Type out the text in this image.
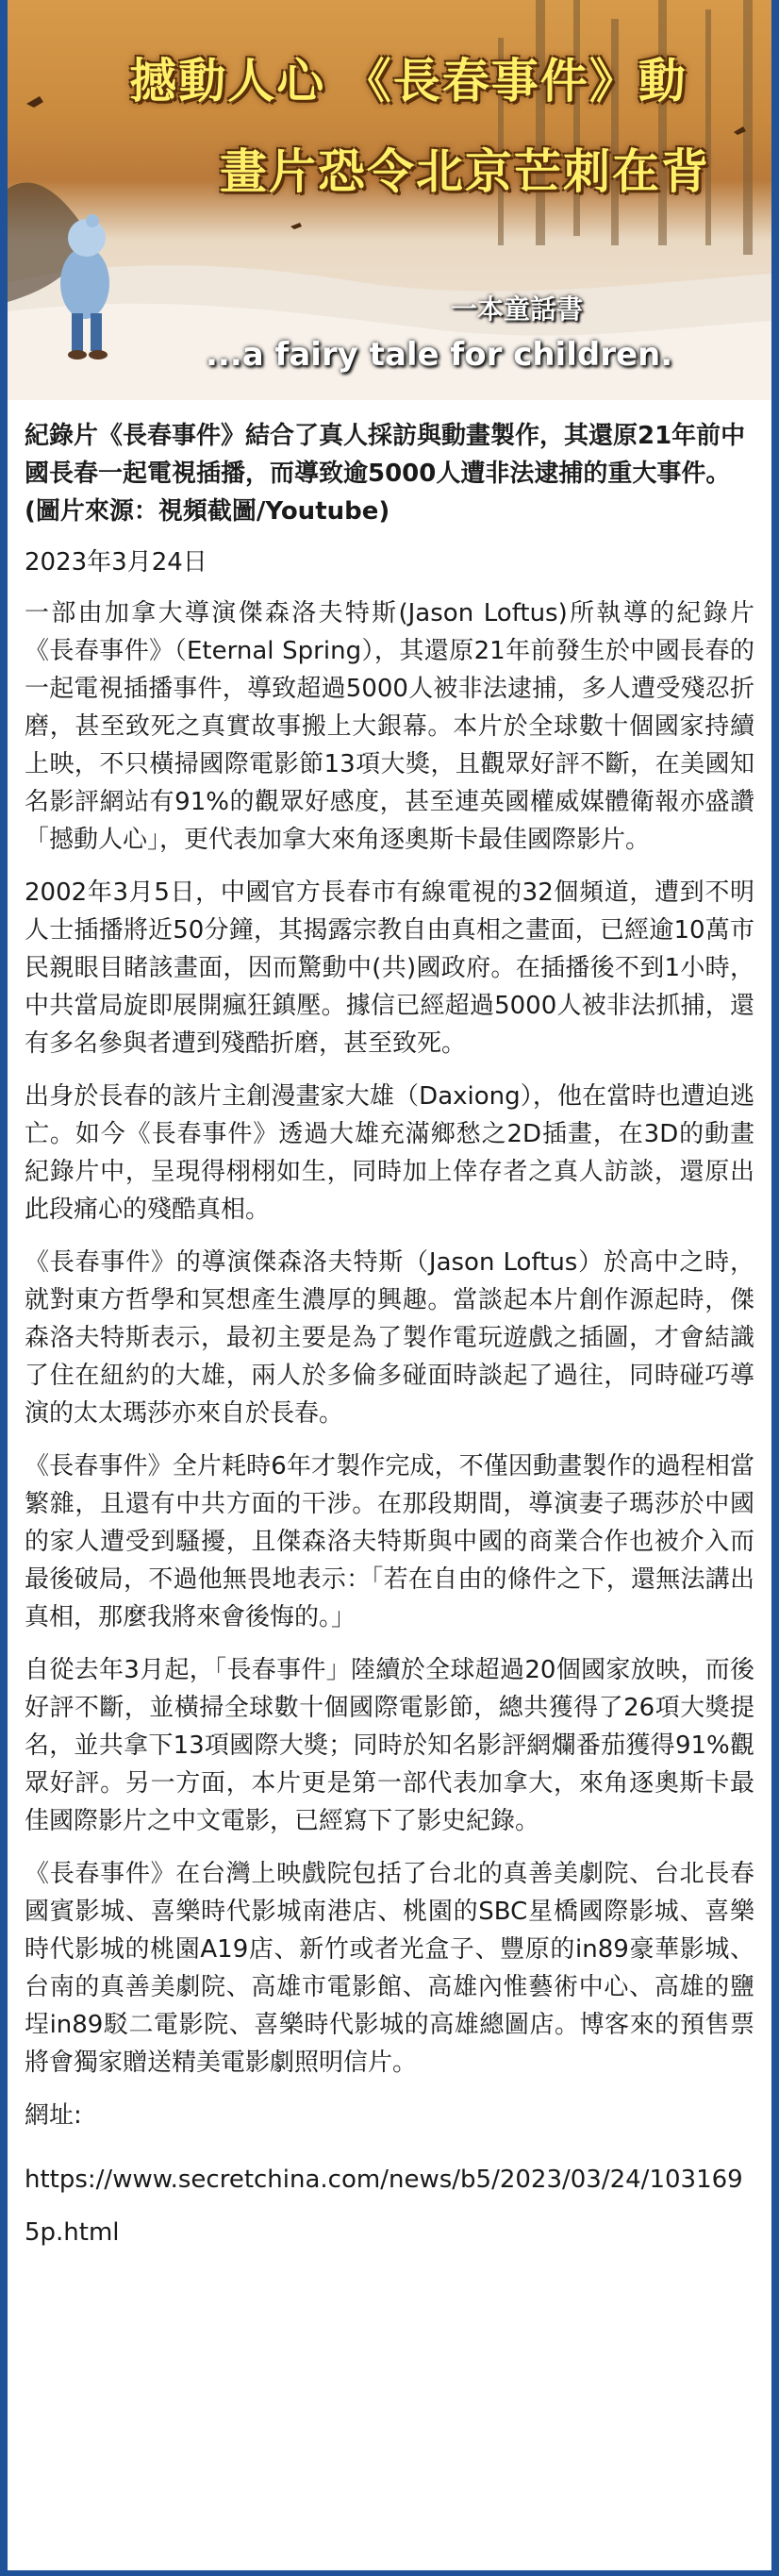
撼動人心 《長春事件》動
畫片恐令北京芒刺在背
一本童話書
...a fairy tale for children.
紀錄片《長春事件》結合了真人採訪與動畫製作，其還原21年前中國長春一起電視插播，而導致逾5000人遭非法逮捕的重大事件。(圖片來源：視頻截圖/Youtube)
2023年3月24日

一部由加拿大導演傑森洛夫特斯(Jason Loftus)所執導的紀錄片《長春事件》（Eternal Spring），其還原21年前發生於中國長春的一起電視插播事件，導致超過5000人被非法逮捕，多人遭受殘忍折磨，甚至致死之真實故事搬上大銀幕。本片於全球數十個國家持續上映，不只橫掃國際電影節13項大獎，且觀眾好評不斷，在美國知名影評網站有91%的觀眾好感度，甚至連英國權威媒體衛報亦盛讚「撼動人心」，更代表加拿大來角逐奧斯卡最佳國際影片。

2002年3月5日，中國官方長春市有線電視的32個頻道，遭到不明人士插播將近50分鐘，其揭露宗教自由真相之畫面，已經逾10萬市民親眼目睹該畫面，因而驚動中(共)國政府。在插播後不到1小時，中共當局旋即展開瘋狂鎮壓。據信已經超過5000人被非法抓捕，還有多名參與者遭到殘酷折磨，甚至致死。

出身於長春的該片主創漫畫家大雄（Daxiong），他在當時也遭迫逃亡。如今《長春事件》透過大雄充滿鄉愁之2D插畫，在3D的動畫紀錄片中，呈現得栩栩如生，同時加上倖存者之真人訪談，還原出此段痛心的殘酷真相。

《長春事件》的導演傑森洛夫特斯（Jason Loftus）於高中之時，就對東方哲學和冥想產生濃厚的興趣。當談起本片創作源起時，傑森洛夫特斯表示，最初主要是為了製作電玩遊戲之插圖，才會結識了住在紐約的大雄，兩人於多倫多碰面時談起了過往，同時碰巧導演的太太瑪莎亦來自於長春。

《長春事件》全片耗時6年才製作完成，不僅因動畫製作的過程相當繁雜，且還有中共方面的干涉。在那段期間，導演妻子瑪莎於中國的家人遭受到騷擾，且傑森洛夫特斯與中國的商業合作也被介入而最後破局，不過他無畏地表示：「若在自由的條件之下，還無法講出真相，那麼我將來會後悔的。」

自從去年3月起，「長春事件」陸續於全球超過20個國家放映，而後好評不斷，並橫掃全球數十個國際電影節，總共獲得了26項大獎提名，並共拿下13項國際大獎；同時於知名影評網爛番茄獲得91%觀眾好評。另一方面，本片更是第一部代表加拿大，來角逐奧斯卡最佳國際影片之中文電影，已經寫下了影史紀錄。

《長春事件》在台灣上映戲院包括了台北的真善美劇院、台北長春國賓影城、喜樂時代影城南港店、桃園的SBC星橋國際影城、喜樂時代影城的桃園A19店、新竹或者光盒子、豐原的in89豪華影城、台南的真善美劇院、高雄市電影館、高雄內惟藝術中心、高雄的鹽埕in89駁二電影院、喜樂時代影城的高雄總圖店。博客來的預售票將會獨家贈送精美電影劇照明信片。

網址:
https://www.secretchina.com/news/b5/2023/03/24/1031695p.html
